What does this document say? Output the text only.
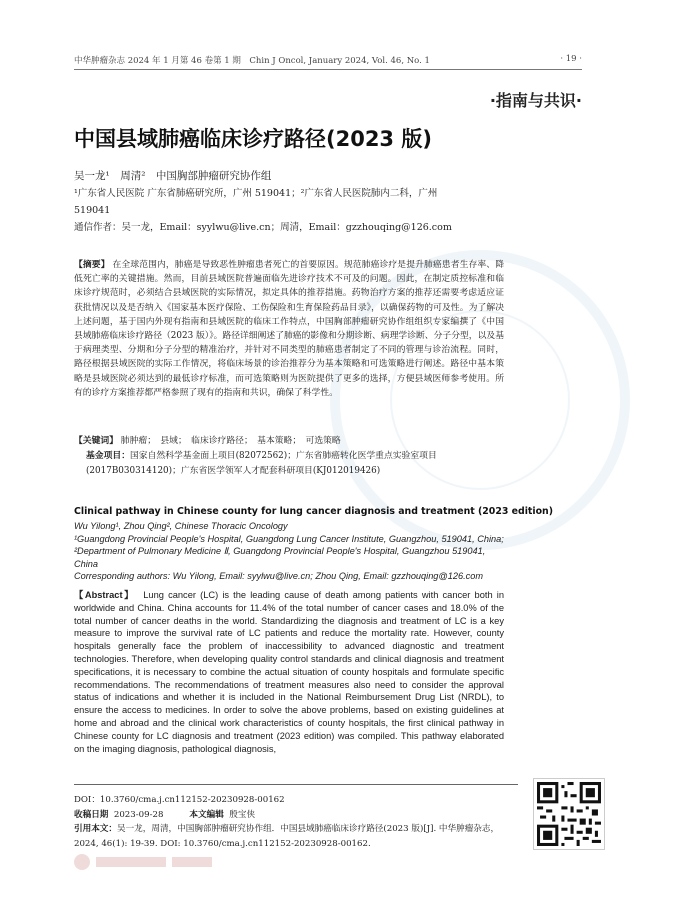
中华肿瘤杂志 2024 年 1 月第 46 卷第 1 期　Chin J Oncol, January 2024, Vol. 46, No. 1	· 19 ·
·指南与共识·
中国县域肺癌临床诊疗路径(2023 版)
吴一龙¹　周清²　中国胸部肿瘤研究协作组
¹广东省人民医院 广东省肺癌研究所，广州 519041；²广东省人民医院肺内二科，广州
519041
通信作者：吴一龙，Email：syylwu@live.cn；周清，Email：gzzhouqing@126.com

【摘要】 在全球范围内，肺癌是导致恶性肿瘤患者死亡的首要原因。规范肺癌诊疗是提升肺癌患者生存率、降低死亡率的关键措施。然而，目前县域医院普遍面临先进诊疗技术不可及的问题。因此，在制定质控标准和临床诊疗规范时，必须结合县域医院的实际情况，拟定具体的推荐措施。药物治疗方案的推荐还需要考虑适应证获批情况以及是否纳入《国家基本医疗保险、工伤保险和生育保险药品目录》，以确保药物的可及性。为了解决上述问题，基于国内外现有指南和县域医院的临床工作特点，中国胸部肿瘤研究协作组组织专家编撰了《中国县域肺癌临床诊疗路径（2023 版）》。路径详细阐述了肺癌的影像和分期诊断、病理学诊断、分子分型，以及基于病理类型、分期和分子分型的精准治疗，并针对不同类型的肺癌患者制定了不同的管理与诊治流程。同时，路径根据县域医院的实际工作情况，将临床场景的诊治推荐分为基本策略和可选策略进行阐述。路径中基本策略是县域医院必须达到的最低诊疗标准，而可选策略则为医院提供了更多的选择，方便县域医师参考使用。所有的诊疗方案推荐都严格参照了现有的指南和共识，确保了科学性。

【关键词】 肺肿瘤；　县域；　临床诊疗路径；　基本策略；　可选策略

基金项目：国家自然科学基金面上项目(82072562)；广东省肺癌转化医学重点实验室项目(2017B030314120)；广东省医学领军人才配套科研项目(KJ012019426)

Clinical pathway in Chinese county for lung cancer diagnosis and treatment (2023 edition)
Wu Yilong¹, Zhou Qing², Chinese Thoracic Oncology
¹Guangdong Provincial People's Hospital, Guangdong Lung Cancer Institute, Guangzhou, 519041, China; ²Department of Pulmonary Medicine Ⅱ, Guangdong Provincial People's Hospital, Guangzhou 519041, China
Corresponding authors: Wu Yilong, Email: syylwu@live.cn; Zhou Qing, Email: gzzhouqing@126.com

【Abstract】 Lung cancer (LC) is the leading cause of death among patients with cancer both in worldwide and China. China accounts for 11.4% of the total number of cancer cases and 18.0% of the total number of cancer deaths in the world. Standardizing the diagnosis and treatment of LC is a key measure to improve the survival rate of LC patients and reduce the mortality rate. However, county hospitals generally face the problem of inaccessibility to advanced diagnostic and treatment technologies. Therefore, when developing quality control standards and clinical diagnosis and treatment specifications, it is necessary to combine the actual situation of county hospitals and formulate specific recommendations. The recommendations of treatment measures also need to consider the approval status of indications and whether it is included in the National Reimbursement Drug List (NRDL), to ensure the access to medicines. In order to solve the above problems, based on existing guidelines at home and abroad and the clinical work characteristics of county hospitals, the first clinical pathway in Chinese county for LC diagnosis and treatment (2023 edition) was compiled. This pathway elaborated on the imaging diagnosis, pathological diagnosis,

DOI：10.3760/cma.j.cn112152-20230928-00162
收稿日期 2023-09-28	本文编辑 殷宝侠
引用本文：吴一龙，周清，中国胸部肿瘤研究协作组．中国县域肺癌临床诊疗路径(2023 版)[J]. 中华肿瘤杂志，2024, 46(1): 19-39. DOI: 10.3760/cma.j.cn112152-20230928-00162.
